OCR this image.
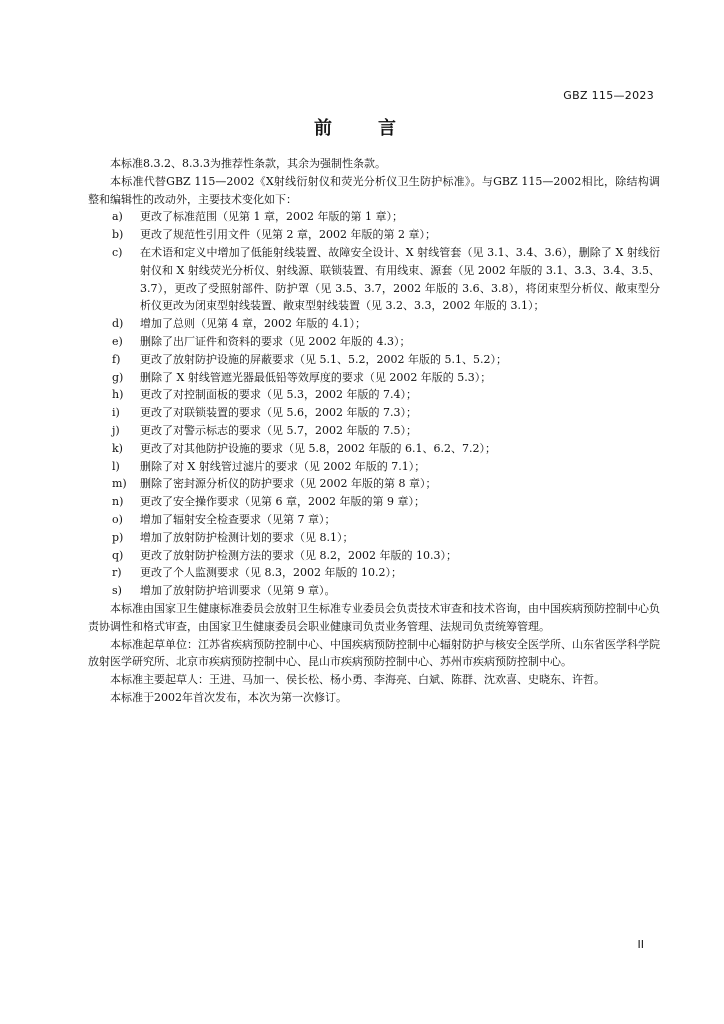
GBZ 115—2023
前　言

本标准8.3.2、8.3.3为推荐性条款，其余为强制性条款。

本标准代替GBZ 115—2002《X射线衍射仪和荧光分析仪卫生防护标准》。与GBZ 115—2002相比，除结构调整和编辑性的改动外，主要技术变化如下：

a)	更改了标准范围（见第 1 章，2002 年版的第 1 章）；
b)	更改了规范性引用文件（见第 2 章，2002 年版的第 2 章）；
c)	在术语和定义中增加了低能射线装置、故障安全设计、X 射线管套（见 3.1、3.4、3.6），删除了 X 射线衍射仪和 X 射线荧光分析仪、射线源、联锁装置、有用线束、源套（见 2002 年版的 3.1、3.3、3.4、3.5、3.7），更改了受照射部件、防护罩（见 3.5、3.7，2002 年版的 3.6、3.8），将闭束型分析仪、敞束型分析仪更改为闭束型射线装置、敞束型射线装置（见 3.2、3.3，2002 年版的 3.1）；
d)	增加了总则（见第 4 章，2002 年版的 4.1）；
e)	删除了出厂证件和资料的要求（见 2002 年版的 4.3）；
f)	更改了放射防护设施的屏蔽要求（见 5.1、5.2，2002 年版的 5.1、5.2）；
g)	删除了 X 射线管遮光器最低铅等效厚度的要求（见 2002 年版的 5.3）；
h)	更改了对控制面板的要求（见 5.3，2002 年版的 7.4）；
i)	更改了对联锁装置的要求（见 5.6，2002 年版的 7.3）；
j)	更改了对警示标志的要求（见 5.7，2002 年版的 7.5）；
k)	更改了对其他防护设施的要求（见 5.8，2002 年版的 6.1、6.2、7.2）；
l)	删除了对 X 射线管过滤片的要求（见 2002 年版的 7.1）；
m)	删除了密封源分析仪的防护要求（见 2002 年版的第 8 章）；
n)	更改了安全操作要求（见第 6 章，2002 年版的第 9 章）；
o)	增加了辐射安全检查要求（见第 7 章）；
p)	增加了放射防护检测计划的要求（见 8.1）；
q)	更改了放射防护检测方法的要求（见 8.2，2002 年版的 10.3）；
r)	更改了个人监测要求（见 8.3，2002 年版的 10.2）；
s)	增加了放射防护培训要求（见第 9 章）。

本标准由国家卫生健康标准委员会放射卫生标准专业委员会负责技术审查和技术咨询，由中国疾病预防控制中心负责协调性和格式审查，由国家卫生健康委员会职业健康司负责业务管理、法规司负责统筹管理。

本标准起草单位：江苏省疾病预防控制中心、中国疾病预防控制中心辐射防护与核安全医学所、山东省医学科学院放射医学研究所、北京市疾病预防控制中心、昆山市疾病预防控制中心、苏州市疾病预防控制中心。

本标准主要起草人：王进、马加一、侯长松、杨小勇、李海亮、白斌、陈群、沈欢喜、史晓东、许哲。

本标准于2002年首次发布，本次为第一次修订。

II
